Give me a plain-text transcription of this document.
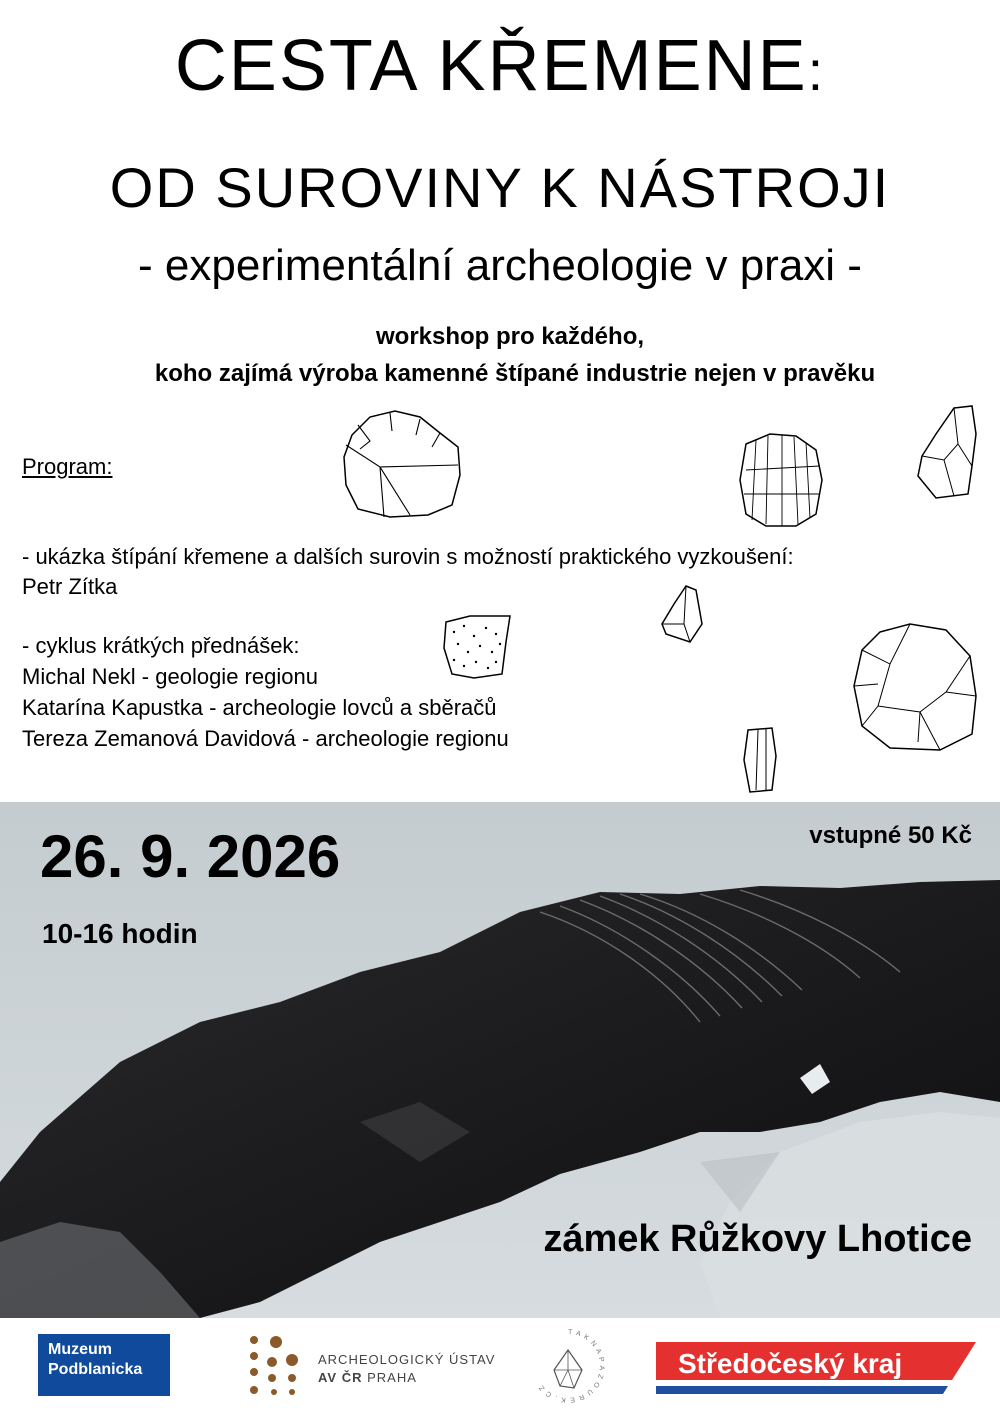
CESTA KŘEMENE:
OD SUROVINY K NÁSTROJI
- experimentální archeologie v praxi -
workshop pro každého,
koho zajímá výroba kamenné štípané industrie nejen v pravěku
Program:
- ukázka štípání křemene a dalších surovin s možností praktického vyzkoušení:
Petr Zítka
- cyklus krátkých přednášek:
Michal Nekl - geologie regionu
Katarína Kapustka - archeologie lovců a sběračů
Tereza Zemanová Davidová - archeologie regionu
26. 9. 2026
10-16 hodin
vstupné 50 Kč
zámek Růžkovy Lhotice
Muzeum
Podblanicka
ARCHEOLOGICKÝ ÚSTAV
AV ČR PRAHA
T A K N A P A Z O U R E K . C Z
Středočeský kraj
